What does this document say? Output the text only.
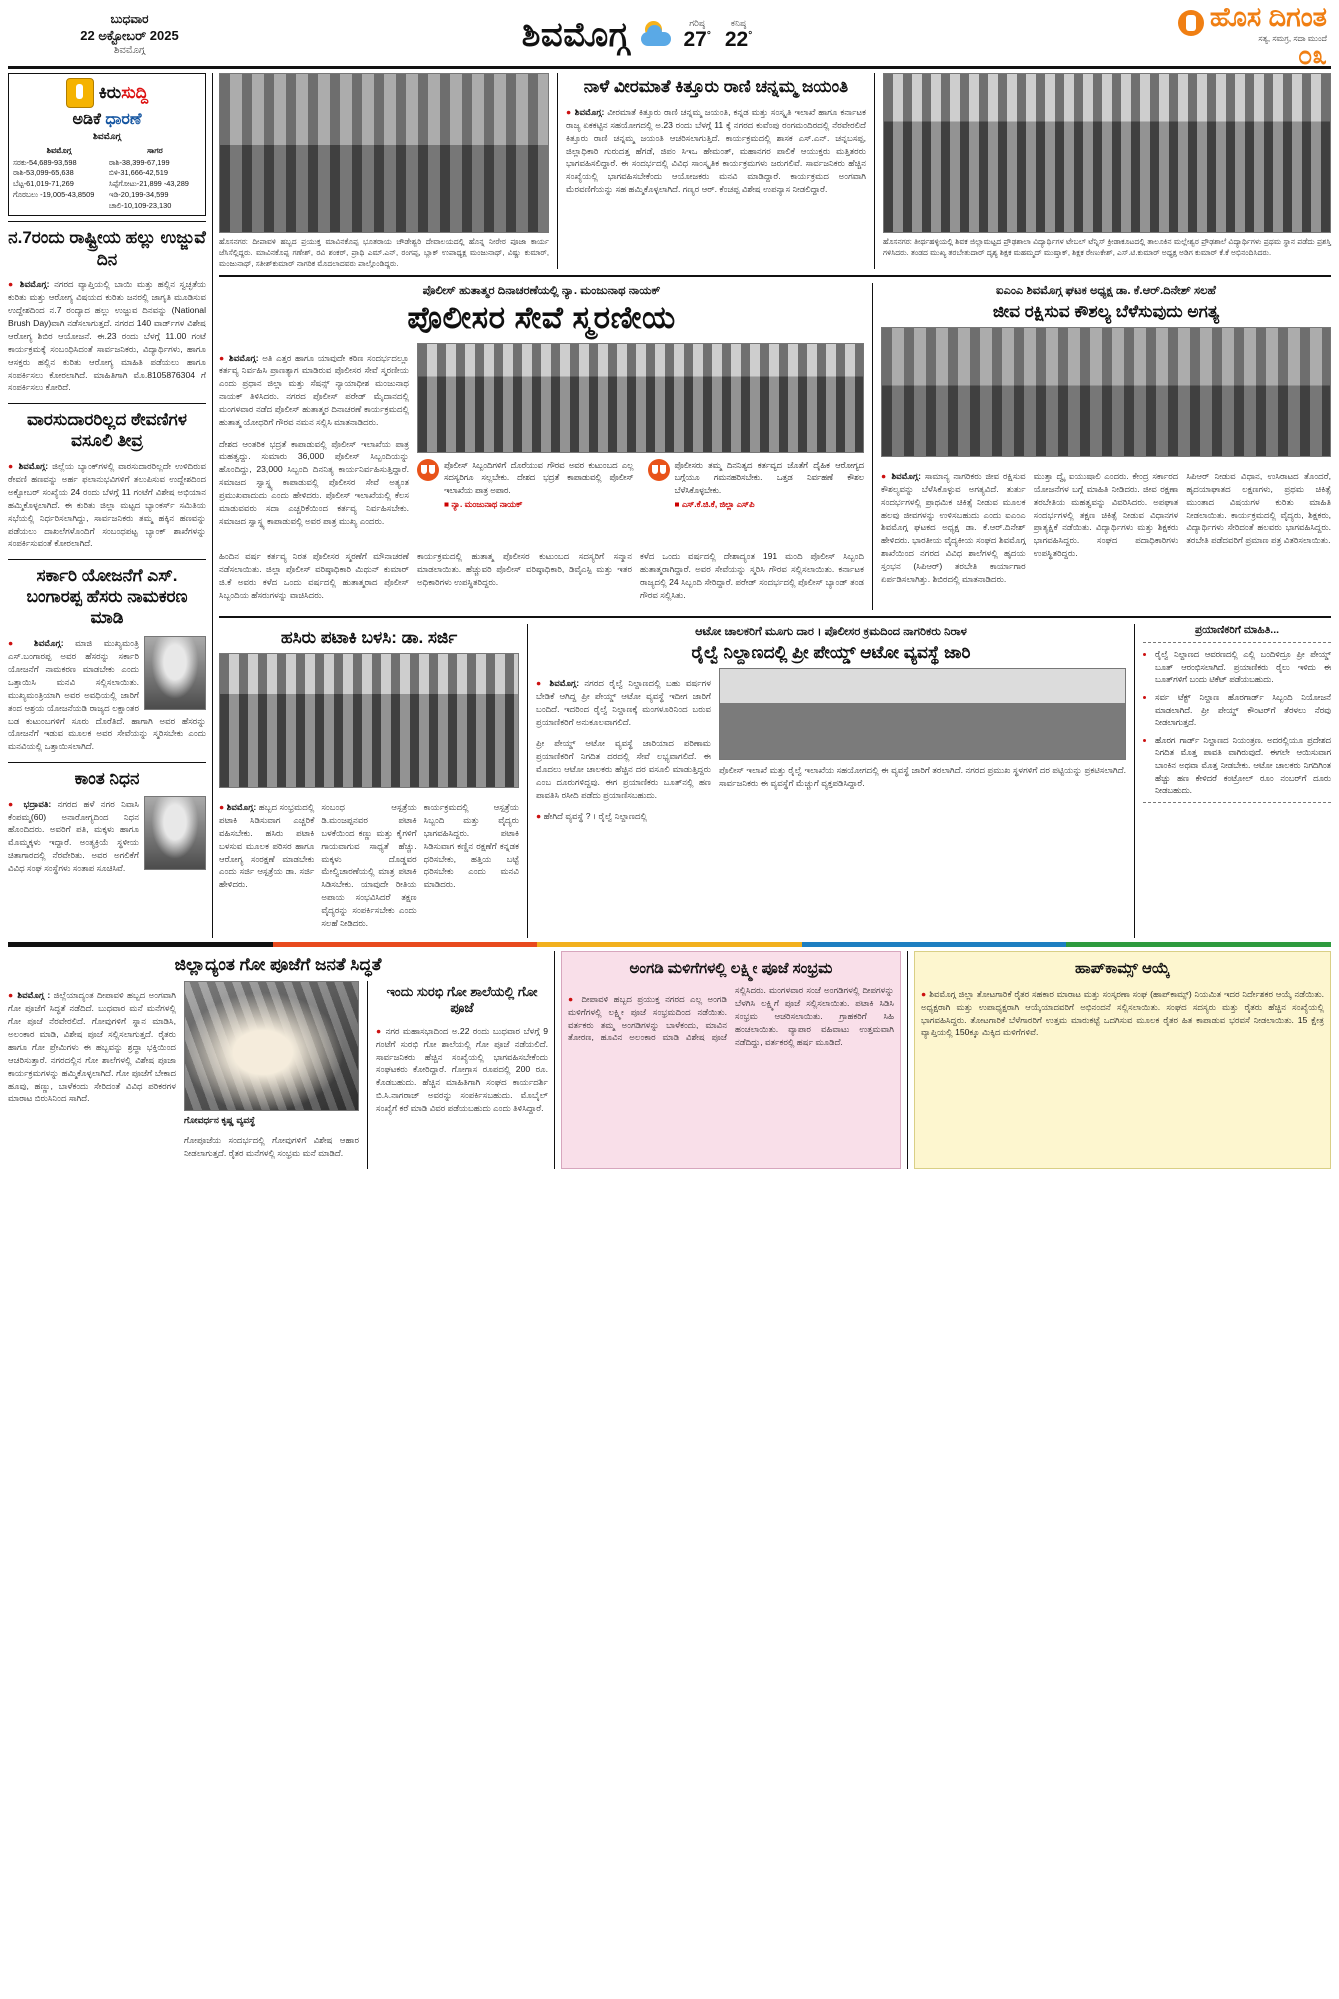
ಬುಧವಾರ
22 ಅಕ್ಟೋಬರ್ 2025
ಶಿವಮೊಗ್ಗ	ಶಿವಮೊಗ್ಗ	ಗರಿಷ್ಠ
27°
ಕನಿಷ್ಠ
22°
ಹೊಸ ದಿಗಂತ
ಸತ್ಯ, ಸಮಗ್ರ, ಸದಾ ಮುಂದೆ
೦೩
ಕಿರುಸುದ್ದಿ
ಅಡಿಕೆ ಧಾರಣೆ
ಶಿವಮೊಗ್ಗ
ಶಿವಮೊಗ್ಗ
ಸರಕು-54,689-93,598
ರಾಶಿ-53,099-65,638
ಬೆಟ್ಟ-61,019-71,269
ಗೊರಬಲು -19,005-43,8509
ಸಾಗರ
ರಾಶಿ-38,399-67,199
ಬಿಳಿ-31,666-42,519
ಸಿಪ್ಪೆಗೋಟು-21,899 -43,289
ಇಡಿ-20,199-34,599
ಚಾಲಿ-10,109-23,130
ನ.7ರಂದು ರಾಷ್ಟ್ರೀಯ ಹಲ್ಲು ಉಜ್ಜುವೆ ದಿನ

● ಶಿವಮೊಗ್ಗ: ನಗರದ ವ್ಯಾಪ್ತಿಯಲ್ಲಿ ಬಾಯಿ ಮತ್ತು ಹಲ್ಲಿನ ಸ್ವಚ್ಛತೆಯ ಕುರಿತು ಮತ್ತು ಆರೋಗ್ಯ ವಿಷಯದ ಕುರಿತು ಜನರಲ್ಲಿ ಜಾಗೃತಿ ಮೂಡಿಸುವ ಉದ್ದೇಶದಿಂದ ನ.7 ರಂದ್ಯಾದ ಹಲ್ಲು ಉಜ್ಜುವ ದಿನವನ್ನು (National Brush Day)ವಾಗಿ ನಡೆಸಲಾಗುತ್ತದೆ. ನಗರದ 140 ವಾರ್ಡ್‌ಗಳ ವಿಶೇಷ ಆರೋಗ್ಯ ಶಿಬಿರ ಆಯೋಜನೆ. ಈ.23 ರಂದು ಬೆಳಗ್ಗೆ 11.00 ಗಂಟೆ ಕಾರ್ಯಕ್ರಮಕ್ಕೆ ಸಂಬಂಧಿಸಿದಂತೆ ಸಾರ್ವಜನಿಕರು, ವಿದ್ಯಾರ್ಥಿಗಳು, ಹಾಗೂ ಆಸಕ್ತರು ಹಲ್ಲಿನ ಕುರಿತು ಆರೋಗ್ಯ ಮಾಹಿತಿ ಪಡೆಯಲು ಹಾಗೂ ಸಂಪರ್ಕಿಸಲು ಕೋರಲಾಗಿದೆ. ಮಾಹಿತಿಗಾಗಿ ಮೊ.8105876304 ಗೆ ಸಂಪರ್ಕಿಸಲು ಕೋರಿದೆ.

ವಾರಸುದಾರರಿಲ್ಲದ ಠೇವಣಿಗಳ ವಸೂಲಿ ತೀವ್ರ

● ಶಿವಮೊಗ್ಗ: ಜಿಲ್ಲೆಯ ಬ್ಯಾಂಕ್‌ಗಳಲ್ಲಿ ವಾರಸುದಾರರಿಲ್ಲದೇ ಉಳಿದಿರುವ ಠೇವಣಿ ಹಣವನ್ನು ಅರ್ಹ ಫಲಾನುಭವಿಗಳಿಗೆ ತಲುಪಿಸುವ ಉದ್ದೇಶದಿಂದ ಅಕ್ಟೋಬರ್ ಸಂಖ್ಯೆಯ 24 ರಂದು ಬೆಳಗ್ಗೆ 11 ಗಂಟೆಗೆ ವಿಶೇಷ ಅಭಿಯಾನ ಹಮ್ಮಿಕೊಳ್ಳಲಾಗಿದೆ. ಈ ಕುರಿತು ಜಿಲ್ಲಾ ಮಟ್ಟದ ಬ್ಯಾಂಕರ್ಸ್ ಸಮಿತಿಯ ಸಭೆಯಲ್ಲಿ ನಿರ್ಧರಿಸಲಾಗಿದ್ದು, ಸಾರ್ವಜನಿಕರು ತಮ್ಮ ಹಕ್ಕಿನ ಹಣವನ್ನು ಪಡೆಯಲು ದಾಖಲೆಗಳೊಂದಿಗೆ ಸಂಬಂಧಪಟ್ಟ ಬ್ಯಾಂಕ್ ಶಾಖೆಗಳನ್ನು ಸಂಪರ್ಕಿಸುವಂತೆ ಕೋರಲಾಗಿದೆ.

ಸರ್ಕಾರಿ ಯೋಜನೆಗೆ ಎಸ್. ಬಂಗಾರಪ್ಪ ಹೆಸರು ನಾಮಕರಣ ಮಾಡಿ

● ಶಿವಮೊಗ್ಗ: ಮಾಜಿ ಮುಖ್ಯಮಂತ್ರಿ ಎಸ್.ಬಂಗಾರಪ್ಪ ಅವರ ಹೆಸರನ್ನು ಸರ್ಕಾರಿ ಯೋಜನೆಗೆ ನಾಮಕರಣ ಮಾಡಬೇಕು ಎಂದು ಒತ್ತಾಯಿಸಿ ಮನವಿ ಸಲ್ಲಿಸಲಾಯಿತು. ಮುಖ್ಯಮಂತ್ರಿಯಾಗಿ ಅವರ ಅವಧಿಯಲ್ಲಿ ಜಾರಿಗೆ ತಂದ ಆಶ್ರಯ ಯೋಜನೆಯಡಿ ರಾಜ್ಯದ ಲಕ್ಷಾಂತರ ಬಡ ಕುಟುಂಬಗಳಿಗೆ ಸೂರು ದೊರೆತಿದೆ. ಹಾಗಾಗಿ ಅವರ ಹೆಸರನ್ನು ಯೋಜನೆಗೆ ಇಡುವ ಮೂಲಕ ಅವರ ಸೇವೆಯನ್ನು ಸ್ಮರಿಸಬೇಕು ಎಂದು ಮನವಿಯಲ್ಲಿ ಒತ್ತಾಯಿಸಲಾಗಿದೆ.

ಕಾಂತ ನಿಧನ

● ಭದ್ರಾವತಿ: ನಗರದ ಹಳೆ ನಗರ ನಿವಾಸಿ ಕೆಂಪಮ್ಮ(60) ಅನಾರೋಗ್ಯದಿಂದ ನಿಧನ ಹೊಂದಿದರು. ಅವರಿಗೆ ಪತಿ, ಮಕ್ಕಳು ಹಾಗೂ ಮೊಮ್ಮಕ್ಕಳು ಇದ್ದಾರೆ. ಅಂತ್ಯಕ್ರಿಯೆ ಸ್ಥಳೀಯ ಚಿತಾಗಾರದಲ್ಲಿ ನೆರವೇರಿತು. ಅವರ ಅಗಲಿಕೆಗೆ ವಿವಿಧ ಸಂಘ ಸಂಸ್ಥೆಗಳು ಸಂತಾಪ ಸೂಚಿಸಿವೆ.

ಹೊಸನಗರ: ದೀಪಾವಳಿ ಹಬ್ಬದ ಪ್ರಯುಕ್ತ ಮಾವಿನಕೊಪ್ಪ ಭೂತರಾಯ ಚೌಡೇಶ್ವರಿ ದೇವಾಲಯದಲ್ಲಿ ಹೊನ್ನ ನೀರೇರ ಪೂಜಾ ಕಾರ್ಯ ಜೆಸಿಸೆಲ್ಲಿದ್ದರು. ಮಾವಿನಕೊಪ್ಪ ಗಣೇಶ್, ರವಿ ಶಂಕರ್, ಪ್ರಾಥಿ ಎಮ್.ಎನ್, ರಂಗಪ್ಪ, ಬ್ಲಾಕ್ ಉಪಾಧ್ಯಕ್ಷ ಮಂಜುನಾಥ್, ವಿಷ್ಣು ಕುಮಾರ್, ಮಂಜುನಾಥ್, ಸತೀಶ್‌ಕುಮಾರ್ ನಾಗರಿಕ ಮೊದಲಾದವರು ಪಾಲ್ಗೊಂಡಿದ್ದರು.
ನಾಳೆ ವೀರಮಾತೆ ಕಿತ್ತೂರು ರಾಣಿ ಚನ್ನಮ್ಮ ಜಯಂತಿ

● ಶಿವಮೊಗ್ಗ: ವೀರಮಾತೆ ಕಿತ್ತೂರು ರಾಣಿ ಚನ್ನಮ್ಮ ಜಯಂತಿ, ಕನ್ನಡ ಮತ್ತು ಸಂಸ್ಕೃತಿ ಇಲಾಖೆ ಹಾಗೂ ಕರ್ನಾಟಕ ರಾಜ್ಯ ಏಕಕಟ್ಟಿನ ಸಹಯೋಗದಲ್ಲಿ ಅ.23 ರಂದು ಬೆಳಗ್ಗೆ 11 ಕ್ಕೆ ನಗರದ ಕುವೆಂಪು ರಂಗಮಂದಿರದಲ್ಲಿ ನೆರವೇರಲಿದೆ ಕಿತ್ತೂರು ರಾಣಿ ಚನ್ನಮ್ಮ ಜಯಂತಿ ಆಚರಿಸಲಾಗುತ್ತಿದೆ. ಕಾರ್ಯಕ್ರಮದಲ್ಲಿ ಶಾಸಕ ಎಸ್.ಎನ್. ಚನ್ನಬಸಪ್ಪ, ಜಿಲ್ಲಾಧಿಕಾರಿ ಗುರುದತ್ತ ಹೆಗಡೆ, ಜಿಪಂ ಸಿಇಒ ಹೇಮಂತ್, ಮಹಾನಗರ ಪಾಲಿಕೆ ಆಯುಕ್ತರು ಮತ್ತಿತರರು ಭಾಗವಹಿಸಲಿದ್ದಾರೆ. ಈ ಸಂದರ್ಭದಲ್ಲಿ ವಿವಿಧ ಸಾಂಸ್ಕೃತಿಕ ಕಾರ್ಯಕ್ರಮಗಳು ಜರುಗಲಿವೆ. ಸಾರ್ವಜನಿಕರು ಹೆಚ್ಚಿನ ಸಂಖ್ಯೆಯಲ್ಲಿ ಭಾಗವಹಿಸಬೇಕೆಂದು ಆಯೋಜಕರು ಮನವಿ ಮಾಡಿದ್ದಾರೆ. ಕಾರ್ಯಕ್ರಮದ ಅಂಗವಾಗಿ ಮೆರವಣಿಗೆಯನ್ನು ಸಹ ಹಮ್ಮಿಕೊಳ್ಳಲಾಗಿದೆ. ಗಣ್ಯರ ಆರ್. ಕೆಂಚಪ್ಪ ವಿಶೇಷ ಉಪನ್ಯಾಸ ನೀಡಲಿದ್ದಾರೆ.

ಹೊಸನಗರ: ತೀರ್ಥಹಳ್ಳಿಯಲ್ಲಿ ಶಿವಕ ಜಿಲ್ಲಾಮಟ್ಟದ ಪ್ರೌಢಶಾಲಾ ವಿದ್ಯಾರ್ಥಿಗಳ ಟೇಬಲ್ ಟೆನ್ನಿಸ್ ಕ್ರೀಡಾಕೂಟದಲ್ಲಿ ತಾಲೂಕಿನ ಮಲ್ಲೇಶ್ವರ ಪ್ರೌಢಶಾಲೆ ವಿದ್ಯಾರ್ಥಿಗಳು ಪ್ರಥಮ ಸ್ಥಾನ ಪಡೆದು ಪ್ರಶಸ್ತಿ ಗಳಿಸಿದರು. ತಂಡದ ಮುಖ್ಯ ತರಬೇತುದಾರ್ ದೃಶ್ಯ ಶಿಕ್ಷಕ ಮಹಮ್ಮದ್ ಮುಷ್ತಾಕ್, ಶಿಕ್ಷಕ ರೇಣುಕೇಶ್, ಎಸ್.ಟಿ.ಕುಮಾರ್ ಅಧ್ಯಕ್ಷ ಅಡಿಗ ಕುಮಾರ್ ಕೆ.ಕೆ ಅಭಿನಂದಿಸಿದರು.
ಪೊಲೀಸ್ ಹುತಾತ್ಮರ ದಿನಾಚರಣೆಯಲ್ಲಿ ನ್ಯಾ. ಮಂಜುನಾಥ ನಾಯಕ್
ಪೊಲೀಸರ ಸೇವೆ ಸ್ಮರಣೀಯ

● ಶಿವಮೊಗ್ಗ: ಅತಿ ಎತ್ತರ ಹಾಗೂ ಯಾವುದೇ ಕಠಿಣ ಸಂದರ್ಭದಲ್ಲೂ ಕರ್ತವ್ಯ ನಿರ್ವಹಿಸಿ ಪ್ರಾಣತ್ಯಾಗ ಮಾಡಿರುವ ಪೊಲೀಸರ ಸೇವೆ ಸ್ಮರಣೀಯ ಎಂದು ಪ್ರಧಾನ ಜಿಲ್ಲಾ ಮತ್ತು ಸೆಷನ್ಸ್ ನ್ಯಾಯಾಧೀಶ ಮಂಜುನಾಥ ನಾಯಕ್ ತಿಳಿಸಿದರು. ನಗರದ ಪೊಲೀಸ್ ಪರೇಡ್ ಮೈದಾನದಲ್ಲಿ ಮಂಗಳವಾರ ನಡೆದ ಪೊಲೀಸ್ ಹುತಾತ್ಮರ ದಿನಾಚರಣೆ ಕಾರ್ಯಕ್ರಮದಲ್ಲಿ ಹುತಾತ್ಮ ಯೋಧರಿಗೆ ಗೌರವ ನಮನ ಸಲ್ಲಿಸಿ ಮಾತನಾಡಿದರು.

ದೇಶದ ಆಂತರಿಕ ಭದ್ರತೆ ಕಾಪಾಡುವಲ್ಲಿ ಪೊಲೀಸ್ ಇಲಾಖೆಯ ಪಾತ್ರ ಮಹತ್ವದ್ದು. ಸುಮಾರು 36,000 ಪೊಲೀಸ್ ಸಿಬ್ಬಂದಿಯನ್ನು ಹೊಂದಿದ್ದು, 23,000 ಸಿಬ್ಬಂದಿ ದಿನನಿತ್ಯ ಕಾರ್ಯನಿರ್ವಹಿಸುತ್ತಿದ್ದಾರೆ. ಸಮಾಜದ ಸ್ವಾಸ್ಥ್ಯ ಕಾಪಾಡುವಲ್ಲಿ ಪೊಲೀಸರ ಸೇವೆ ಅತ್ಯಂತ ಪ್ರಮುಖವಾದುದು ಎಂದು ಹೇಳಿದರು. ಪೊಲೀಸ್ ಇಲಾಖೆಯಲ್ಲಿ ಕೆಲಸ ಮಾಡುವವರು ಸದಾ ಎಚ್ಚರಿಕೆಯಿಂದ ಕರ್ತವ್ಯ ನಿರ್ವಹಿಸಬೇಕು. ಸಮಾಜದ ಸ್ವಾಸ್ಥ್ಯ ಕಾಪಾಡುವಲ್ಲಿ ಅವರ ಪಾತ್ರ ಮುಖ್ಯ ಎಂದರು.

ಪೊಲೀಸ್ ಸಿಬ್ಬಂದಿಗಳಿಗೆ ದೊರೆಯುವ ಗೌರವ ಅವರ ಕುಟುಂಬದ ಎಲ್ಲ ಸದಸ್ಯರಿಗೂ ಸಲ್ಲಬೇಕು. ದೇಶದ ಭದ್ರತೆ ಕಾಪಾಡುವಲ್ಲಿ ಪೊಲೀಸ್ ಇಲಾಖೆಯ ಪಾತ್ರ ಅಪಾರ.
■ ನ್ಯಾ. ಮಂಜುನಾಥ ನಾಯಕ್
ಪೊಲೀಸರು ತಮ್ಮ ದಿನನಿತ್ಯದ ಕರ್ತವ್ಯದ ಜೊತೆಗೆ ದೈಹಿಕ ಆರೋಗ್ಯದ ಬಗ್ಗೆಯೂ ಗಮನಹರಿಸಬೇಕು. ಒತ್ತಡ ನಿರ್ವಹಣೆ ಕೌಶಲ ಬೆಳೆಸಿಕೊಳ್ಳಬೇಕು.
■ ಎಸ್.ಕೆ.ಜಿ.ಕೆ, ಜಿಲ್ಲಾ ಎಸ್‌ಪಿ

ಹಿಂದಿನ ವರ್ಷ ಕರ್ತವ್ಯ ನಿರತ ಪೊಲೀಸರ ಸ್ಮರಣೆಗೆ ಮೌನಾಚರಣೆ ನಡೆಸಲಾಯಿತು. ಜಿಲ್ಲಾ ಪೊಲೀಸ್ ವರಿಷ್ಠಾಧಿಕಾರಿ ಮಿಥುನ್ ಕುಮಾರ್ ಜಿ.ಕೆ ಅವರು ಕಳೆದ ಒಂದು ವರ್ಷದಲ್ಲಿ ಹುತಾತ್ಮರಾದ ಪೊಲೀಸ್ ಸಿಬ್ಬಂದಿಯ ಹೆಸರುಗಳನ್ನು ವಾಚಿಸಿದರು.

ಕಾರ್ಯಕ್ರಮದಲ್ಲಿ ಹುತಾತ್ಮ ಪೊಲೀಸರ ಕುಟುಂಬದ ಸದಸ್ಯರಿಗೆ ಸನ್ಮಾನ ಮಾಡಲಾಯಿತು. ಹೆಚ್ಚುವರಿ ಪೊಲೀಸ್ ವರಿಷ್ಠಾಧಿಕಾರಿ, ಡಿವೈಎಸ್ಪಿ ಮತ್ತು ಇತರ ಅಧಿಕಾರಿಗಳು ಉಪಸ್ಥಿತರಿದ್ದರು.

ಕಳೆದ ಒಂದು ವರ್ಷದಲ್ಲಿ ದೇಶಾದ್ಯಂತ 191 ಮಂದಿ ಪೊಲೀಸ್ ಸಿಬ್ಬಂದಿ ಹುತಾತ್ಮರಾಗಿದ್ದಾರೆ. ಅವರ ಸೇವೆಯನ್ನು ಸ್ಮರಿಸಿ ಗೌರವ ಸಲ್ಲಿಸಲಾಯಿತು. ಕರ್ನಾಟಕ ರಾಜ್ಯದಲ್ಲಿ 24 ಸಿಬ್ಬಂದಿ ಸೇರಿದ್ದಾರೆ. ಪರೇಡ್ ಸಂದರ್ಭದಲ್ಲಿ ಪೊಲೀಸ್ ಬ್ಯಾಂಡ್ ತಂಡ ಗೌರವ ಸಲ್ಲಿಸಿತು.

ಐಎಂಎ ಶಿವಮೊಗ್ಗ ಘಟಕ ಅಧ್ಯಕ್ಷ ಡಾ. ಕೆ.ಆರ್.ದಿನೇಶ್ ಸಲಹೆ
ಜೀವ ರಕ್ಷಿಸುವ ಕೌಶಲ್ಯ ಬೆಳೆಸುವುದು ಅಗತ್ಯ

● ಶಿವಮೊಗ್ಗ: ಸಾಮಾನ್ಯ ನಾಗರಿಕರು ಜೀವ ರಕ್ಷಿಸುವ ಕೌಶಲ್ಯವನ್ನು ಬೆಳೆಸಿಕೊಳ್ಳುವ ಅಗತ್ಯವಿದೆ. ತುರ್ತು ಸಂದರ್ಭಗಳಲ್ಲಿ ಪ್ರಾಥಮಿಕ ಚಿಕಿತ್ಸೆ ನೀಡುವ ಮೂಲಕ ಹಲವು ಜೀವಗಳನ್ನು ಉಳಿಸಬಹುದು ಎಂದು ಐಎಂಎ ಶಿವಮೊಗ್ಗ ಘಟಕದ ಅಧ್ಯಕ್ಷ ಡಾ. ಕೆ.ಆರ್.ದಿನೇಶ್ ಹೇಳಿದರು. ಭಾರತೀಯ ವೈದ್ಯಕೀಯ ಸಂಘದ ಶಿವಮೊಗ್ಗ ಶಾಖೆಯಿಂದ ನಗರದ ವಿವಿಧ ಶಾಲೆಗಳಲ್ಲಿ ಹೃದಯ ಸ್ತಂಭನ (ಸಿಪಿಆರ್) ತರಬೇತಿ ಕಾರ್ಯಾಗಾರ ಏರ್ಪಡಿಸಲಾಗಿತ್ತು. ಶಿಬಿರದಲ್ಲಿ ಮಾತನಾಡಿದರು.

ಮುತ್ತಾ ದ್ವೈ ಐಯುಷಾಲಿ ಎಂದರು. ಕೇಂದ್ರ ಸರ್ಕಾರದ ಯೋಜನೆಗಳ ಬಗ್ಗೆ ಮಾಹಿತಿ ನೀಡಿದರು. ಜೀವ ರಕ್ಷಣಾ ತರಬೇತಿಯ ಮಹತ್ವವನ್ನು ವಿವರಿಸಿದರು. ಅಪಘಾತ ಸಂದರ್ಭಗಳಲ್ಲಿ ತಕ್ಷಣ ಚಿಕಿತ್ಸೆ ನೀಡುವ ವಿಧಾನಗಳ ಪ್ರಾತ್ಯಕ್ಷಿಕೆ ನಡೆಯಿತು. ವಿದ್ಯಾರ್ಥಿಗಳು ಮತ್ತು ಶಿಕ್ಷಕರು ಭಾಗವಹಿಸಿದ್ದರು. ಸಂಘದ ಪದಾಧಿಕಾರಿಗಳು ಉಪಸ್ಥಿತರಿದ್ದರು.

ಸಿಪಿಆರ್ ನೀಡುವ ವಿಧಾನ, ಉಸಿರಾಟದ ತೊಂದರೆ, ಹೃದಯಾಘಾತದ ಲಕ್ಷಣಗಳು, ಪ್ರಥಮ ಚಿಕಿತ್ಸೆ ಮುಂತಾದ ವಿಷಯಗಳ ಕುರಿತು ಮಾಹಿತಿ ನೀಡಲಾಯಿತು. ಕಾರ್ಯಕ್ರಮದಲ್ಲಿ ವೈದ್ಯರು, ಶಿಕ್ಷಕರು, ವಿದ್ಯಾರ್ಥಿಗಳು ಸೇರಿದಂತೆ ಹಲವರು ಭಾಗವಹಿಸಿದ್ದರು. ತರಬೇತಿ ಪಡೆದವರಿಗೆ ಪ್ರಮಾಣ ಪತ್ರ ವಿತರಿಸಲಾಯಿತು.

ಹಸಿರು ಪಟಾಕಿ ಬಳಸಿ: ಡಾ. ಸರ್ಜಿ

● ಶಿವಮೊಗ್ಗ: ಹಬ್ಬದ ಸಂಭ್ರಮದಲ್ಲಿ ಪಟಾಕಿ ಸಿಡಿಸುವಾಗ ಎಚ್ಚರಿಕೆ ವಹಿಸಬೇಕು. ಹಸಿರು ಪಟಾಕಿ ಬಳಸುವ ಮೂಲಕ ಪರಿಸರ ಹಾಗೂ ಆರೋಗ್ಯ ಸಂರಕ್ಷಣೆ ಮಾಡಬೇಕು ಎಂದು ಸರ್ಜಿ ಆಸ್ಪತ್ರೆಯ ಡಾ. ಸರ್ಜಿ ಹೇಳಿದರು.

ಸಂಬಂಧ ಆಸ್ಪತ್ರೆಯ ಡಿ.ಮಂಜಪ್ಪನವರ ಪಟಾಕಿ ಬಳಕೆಯಿಂದ ಕಣ್ಣು ಮತ್ತು ಕೈಗಳಿಗೆ ಗಾಯವಾಗುವ ಸಾಧ್ಯತೆ ಹೆಚ್ಚು. ಮಕ್ಕಳು ದೊಡ್ಡವರ ಮೇಲ್ವಿಚಾರಣೆಯಲ್ಲಿ ಮಾತ್ರ ಪಟಾಕಿ ಸಿಡಿಸಬೇಕು. ಯಾವುದೇ ರೀತಿಯ ಅಪಾಯ ಸಂಭವಿಸಿದರೆ ತಕ್ಷಣ ವೈದ್ಯರನ್ನು ಸಂಪರ್ಕಿಸಬೇಕು ಎಂದು ಸಲಹೆ ನೀಡಿದರು.

ಕಾರ್ಯಕ್ರಮದಲ್ಲಿ ಆಸ್ಪತ್ರೆಯ ಸಿಬ್ಬಂದಿ ಮತ್ತು ವೈದ್ಯರು ಭಾಗವಹಿಸಿದ್ದರು. ಪಟಾಕಿ ಸಿಡಿಸುವಾಗ ಕಣ್ಣಿನ ರಕ್ಷಣೆಗೆ ಕನ್ನಡಕ ಧರಿಸಬೇಕು, ಹತ್ತಿಯ ಬಟ್ಟೆ ಧರಿಸಬೇಕು ಎಂದು ಮನವಿ ಮಾಡಿದರು.

ಆಟೋ ಚಾಲಕರಿಗೆ ಮೂಗು ದಾರ । ಪೊಲೀಸರ ಕ್ರಮದಿಂದ ನಾಗರಿಕರು ನಿರಾಳ
ರೈಲ್ವೆ ನಿಲ್ದಾಣದಲ್ಲಿ ಪ್ರೀ ಪೇಯ್ಡ್ ಆಟೋ ವ್ಯವಸ್ಥೆ ಜಾರಿ

● ಶಿವಮೊಗ್ಗ: ನಗರದ ರೈಲ್ವೆ ನಿಲ್ದಾಣದಲ್ಲಿ ಬಹು ವರ್ಷಗಳ ಬೇಡಿಕೆ ಆಗಿದ್ದ ಪ್ರೀ ಪೇಯ್ಡ್ ಆಟೋ ವ್ಯವಸ್ಥೆ ಇದೀಗ ಜಾರಿಗೆ ಬಂದಿದೆ. ಇದರಿಂದ ರೈಲ್ವೆ ನಿಲ್ದಾಣಕ್ಕೆ ಮಂಗಳೂರಿನಿಂದ ಬರುವ ಪ್ರಯಾಣಿಕರಿಗೆ ಅನುಕೂಲವಾಗಲಿದೆ.

ಪ್ರೀ ಪೇಯ್ಡ್ ಆಟೋ ವ್ಯವಸ್ಥೆ ಜಾರಿಯಾದ ಪರಿಣಾಮ ಪ್ರಯಾಣಿಕರಿಗೆ ನಿಗದಿತ ದರದಲ್ಲಿ ಸೇವೆ ಲಭ್ಯವಾಗಲಿದೆ. ಈ ಮೊದಲು ಆಟೋ ಚಾಲಕರು ಹೆಚ್ಚಿನ ದರ ವಸೂಲಿ ಮಾಡುತ್ತಿದ್ದರು ಎಂಬ ದೂರುಗಳಿದ್ದವು. ಈಗ ಪ್ರಯಾಣಿಕರು ಬೂತ್‌ನಲ್ಲಿ ಹಣ ಪಾವತಿಸಿ ರಸೀದಿ ಪಡೆದು ಪ್ರಯಾಣಿಸಬಹುದು.

ಪೊಲೀಸ್ ಇಲಾಖೆ ಮತ್ತು ರೈಲ್ವೆ ಇಲಾಖೆಯ ಸಹಯೋಗದಲ್ಲಿ ಈ ವ್ಯವಸ್ಥೆ ಜಾರಿಗೆ ತರಲಾಗಿದೆ. ನಗರದ ಪ್ರಮುಖ ಸ್ಥಳಗಳಿಗೆ ದರ ಪಟ್ಟಿಯನ್ನು ಪ್ರಕಟಿಸಲಾಗಿದೆ. ಸಾರ್ವಜನಿಕರು ಈ ವ್ಯವಸ್ಥೆಗೆ ಮೆಚ್ಚುಗೆ ವ್ಯಕ್ತಪಡಿಸಿದ್ದಾರೆ.

● ಹೇಗಿದೆ ವ್ಯವಸ್ಥೆ ? । ರೈಲ್ವೆ ನಿಲ್ದಾಣದಲ್ಲಿ
ಪ್ರಯಾಣಿಕರಿಗೆ ಮಾಹಿತಿ...
• ರೈಲ್ವೆ ನಿಲ್ದಾಣದ ಆವರಣದಲ್ಲಿ ಎಲ್ಲಿ ಬಂದಿಳಿದ್ರೂ ಪ್ರೀ ಪೇಯ್ಡ್ ಬೂತ್ ಆರಂಭಿಸಲಾಗಿದೆ. ಪ್ರಯಾಣಿಕರು ರೈಲು ಇಳಿದು ಈ ಬೂತ್‌ಗಳಿಗೆ ಬಂದು ಟಿಕೆಟ್ ಪಡೆಯಬಹುದು.
• ಸರ್ವ ಟೆಕ್ಟ್ ನಿಲ್ದಾಣ ಹೊರಗಾರ್ಡ್ ಸಿಬ್ಬಂದಿ ನಿಯೋಜನೆ ಮಾಡಲಾಗಿದೆ. ಪ್ರೀ ಪೇಯ್ಡ್ ಕೌಂಟರ್‌ಗೆ ತೆರಳಲು ನೆರವು ನೀಡಲಾಗುತ್ತದೆ.
• ಹೊರಗ ಗಾರ್ಡ್ ನಿಲ್ದಾಣದ ನಿಯಂತ್ರಣ. ಅದರಲ್ಲಿಯೂ ಪ್ರದೇಶದ ನಿಗದಿತ ಮೊತ್ತ ಪಾವತಿ ವಾಗಿರುವುದೆ. ಈಗಲೇ ಆಯಿಸುವಾಗ ಬಾಂಕಿನ ಅಥವಾ ಮೊತ್ತ ನೀಡಬೇಕು. ಆಟೋ ಚಾಲಕರು ನಿಗದಿಗಿಂತ ಹೆಚ್ಚು ಹಣ ಕೇಳಿದರೆ ಕಂಟ್ರೋಲ್ ರೂಂ ನಂಬರ್‌ಗೆ ದೂರು ನೀಡಬಹುದು.
ಜಿಲ್ಲಾದ್ಯಂತ ಗೋ ಪೂಜೆಗೆ ಜನತೆ ಸಿದ್ಧತೆ

● ಶಿವಮೊಗ್ಗ : ಜಿಲ್ಲೆಯಾದ್ಯಂತ ದೀಪಾವಳಿ ಹಬ್ಬದ ಅಂಗವಾಗಿ ಗೋ ಪೂಜೆಗೆ ಸಿದ್ಧತೆ ನಡೆದಿದೆ. ಬುಧವಾರ ಮನೆ ಮನೆಗಳಲ್ಲಿ ಗೋ ಪೂಜೆ ನೆರವೇರಲಿದೆ. ಗೋವುಗಳಿಗೆ ಸ್ನಾನ ಮಾಡಿಸಿ, ಅಲಂಕಾರ ಮಾಡಿ, ವಿಶೇಷ ಪೂಜೆ ಸಲ್ಲಿಸಲಾಗುತ್ತದೆ. ರೈತರು ಹಾಗೂ ಗೋ ಪ್ರೇಮಿಗಳು ಈ ಹಬ್ಬವನ್ನು ಶ್ರದ್ಧಾ ಭಕ್ತಿಯಿಂದ ಆಚರಿಸುತ್ತಾರೆ. ನಗರದಲ್ಲಿನ ಗೋ ಶಾಲೆಗಳಲ್ಲಿ ವಿಶೇಷ ಪೂಜಾ ಕಾರ್ಯಕ್ರಮಗಳನ್ನು ಹಮ್ಮಿಕೊಳ್ಳಲಾಗಿದೆ. ಗೋ ಪೂಜೆಗೆ ಬೇಕಾದ ಹೂವು, ಹಣ್ಣು, ಬಾಳೆಕಂದು ಸೇರಿದಂತೆ ವಿವಿಧ ಪರಿಕರಗಳ ಮಾರಾಟ ಬಿರುಸಿನಿಂದ ಸಾಗಿದೆ.

ಗೋವರ್ಧನ ಕೃಷ್ಣ ವ್ಯವಸ್ಥೆ

ಗೋಪೂಜೆಯ ಸಂದರ್ಭದಲ್ಲಿ ಗೋವುಗಳಿಗೆ ವಿಶೇಷ ಆಹಾರ ನೀಡಲಾಗುತ್ತದೆ. ರೈತರ ಮನೆಗಳಲ್ಲಿ ಸಂಭ್ರಮ ಮನೆ ಮಾಡಿದೆ.

ಇಂದು ಸುರಭಿ ಗೋ ಶಾಲೆಯಲ್ಲಿ ಗೋ ಪೂಜೆ

● ನಗರ ಮಹಾಸಭಾದಿಂದ ಅ.22 ರಂದು ಬುಧವಾರ ಬೆಳಗ್ಗೆ 9 ಗಂಟೆಗೆ ಸುರಭಿ ಗೋ ಶಾಲೆಯಲ್ಲಿ ಗೋ ಪೂಜೆ ನಡೆಯಲಿದೆ. ಸಾರ್ವಜನಿಕರು ಹೆಚ್ಚಿನ ಸಂಖ್ಯೆಯಲ್ಲಿ ಭಾಗವಹಿಸಬೇಕೆಂದು ಸಂಘಟಕರು ಕೋರಿದ್ದಾರೆ. ಗೋಗ್ರಾಸ ರೂಪದಲ್ಲಿ 200 ರೂ. ಕೊಡಬಹುದು. ಹೆಚ್ಚಿನ ಮಾಹಿತಿಗಾಗಿ ಸಂಘದ ಕಾರ್ಯದರ್ಶಿ ಬಿ.ಸಿ.ನಾಗರಾಜ್ ಅವರನ್ನು ಸಂಪರ್ಕಿಸಬಹುದು. ಮೊಬೈಲ್ ಸಂಖ್ಯೆಗೆ ಕರೆ ಮಾಡಿ ವಿವರ ಪಡೆಯಬಹುದು ಎಂದು ತಿಳಿಸಿದ್ದಾರೆ.

ಅಂಗಡಿ ಮಳಿಗೆಗಳಲ್ಲಿ ಲಕ್ಷ್ಮೀ ಪೂಜೆ ಸಂಭ್ರಮ

● ದೀಪಾವಳಿ ಹಬ್ಬದ ಪ್ರಯುಕ್ತ ನಗರದ ಎಲ್ಲ ಅಂಗಡಿ ಮಳಿಗೆಗಳಲ್ಲಿ ಲಕ್ಷ್ಮೀ ಪೂಜೆ ಸಂಭ್ರಮದಿಂದ ನಡೆಯಿತು. ವರ್ತಕರು ತಮ್ಮ ಅಂಗಡಿಗಳನ್ನು ಬಾಳೆಕಂದು, ಮಾವಿನ ತೋರಣ, ಹೂವಿನ ಅಲಂಕಾರ ಮಾಡಿ ವಿಶೇಷ ಪೂಜೆ ಸಲ್ಲಿಸಿದರು. ಮಂಗಳವಾರ ಸಂಜೆ ಅಂಗಡಿಗಳಲ್ಲಿ ದೀಪಗಳನ್ನು ಬೆಳಗಿಸಿ ಲಕ್ಷ್ಮಿಗೆ ಪೂಜೆ ಸಲ್ಲಿಸಲಾಯಿತು. ಪಟಾಕಿ ಸಿಡಿಸಿ ಸಂಭ್ರಮ ಆಚರಿಸಲಾಯಿತು. ಗ್ರಾಹಕರಿಗೆ ಸಿಹಿ ಹಂಚಲಾಯಿತು. ವ್ಯಾಪಾರ ವಹಿವಾಟು ಉತ್ತಮವಾಗಿ ನಡೆದಿದ್ದು, ವರ್ತಕರಲ್ಲಿ ಹರ್ಷ ಮೂಡಿದೆ.

ಹಾಪ್‌ಕಾಮ್ಸ್ ಆಯ್ಕೆ

● ಶಿವಮೊಗ್ಗ ಜಿಲ್ಲಾ ತೋಟಗಾರಿಕೆ ರೈತರ ಸಹಕಾರ ಮಾರಾಟ ಮತ್ತು ಸಂಸ್ಕರಣಾ ಸಂಘ (ಹಾಪ್‌ಕಾಮ್ಸ್) ನಿಯಮಿತ ಇದರ ನಿರ್ದೇಶಕರ ಆಯ್ಕೆ ನಡೆಯಿತು. ಅಧ್ಯಕ್ಷರಾಗಿ ಮತ್ತು ಉಪಾಧ್ಯಕ್ಷರಾಗಿ ಆಯ್ಕೆಯಾದವರಿಗೆ ಅಭಿನಂದನೆ ಸಲ್ಲಿಸಲಾಯಿತು. ಸಂಘದ ಸದಸ್ಯರು ಮತ್ತು ರೈತರು ಹೆಚ್ಚಿನ ಸಂಖ್ಯೆಯಲ್ಲಿ ಭಾಗವಹಿಸಿದ್ದರು. ತೋಟಗಾರಿಕೆ ಬೆಳೆಗಾರರಿಗೆ ಉತ್ತಮ ಮಾರುಕಟ್ಟೆ ಒದಗಿಸುವ ಮೂಲಕ ರೈತರ ಹಿತ ಕಾಪಾಡುವ ಭರವಸೆ ನೀಡಲಾಯಿತು. 15 ಕ್ಷೇತ್ರ ವ್ಯಾಪ್ತಿಯಲ್ಲಿ 150ಕ್ಕೂ ಮಿಕ್ಕಿದ ಮಳಿಗೆಗಳಿವೆ.
